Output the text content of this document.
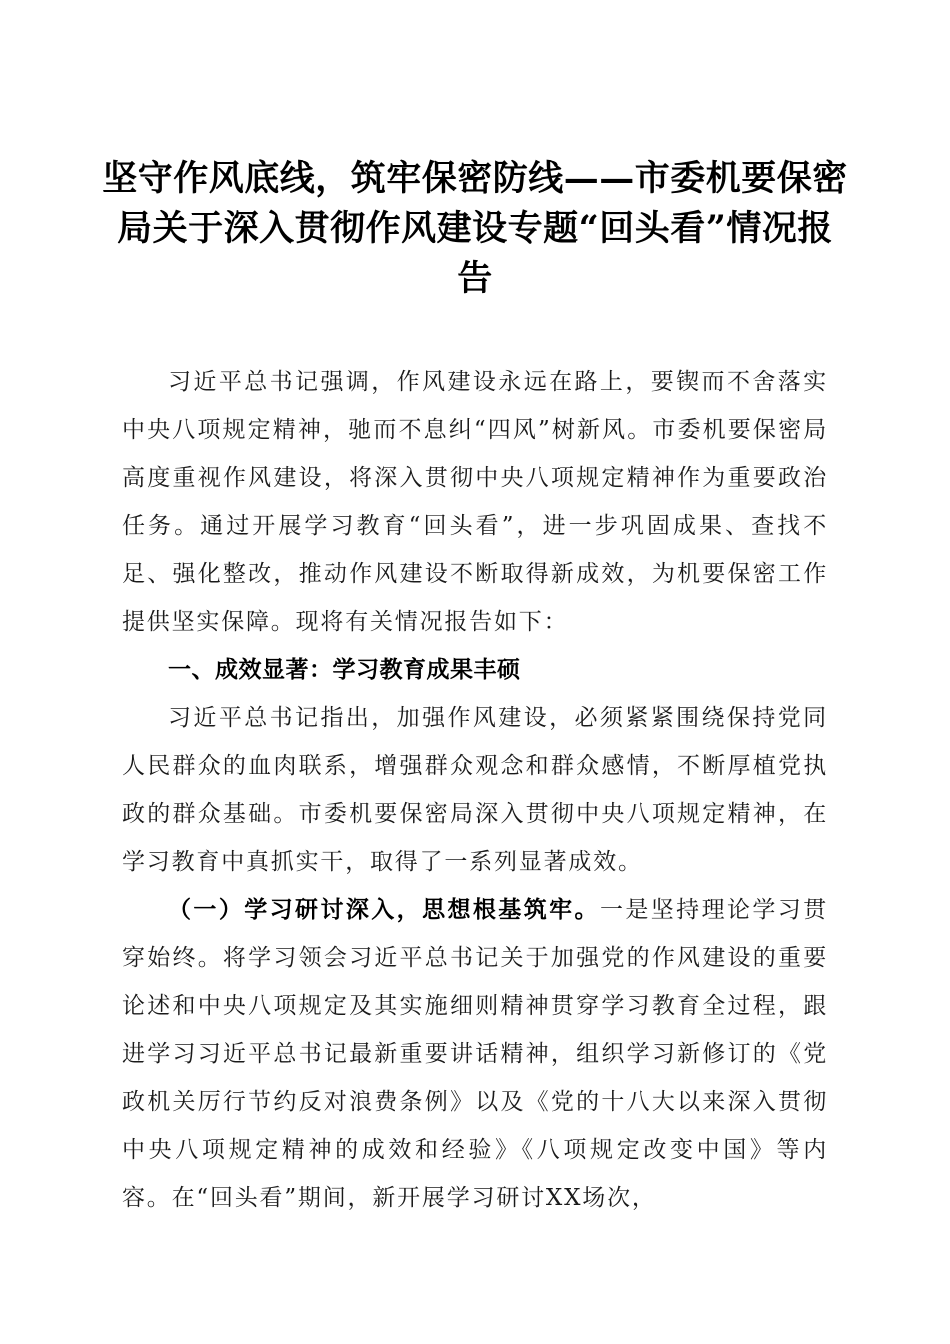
坚守作风底线，筑牢保密防线——市委机要保密局关于深入贯彻作风建设专题“回头看”情况报告

习近平总书记强调，作风建设永远在路上，要锲而不舍落实中央八项规定精神，驰而不息纠“四风”树新风。市委机要保密局高度重视作风建设，将深入贯彻中央八项规定精神作为重要政治任务。通过开展学习教育“回头看”，进一步巩固成果、查找不足、强化整改，推动作风建设不断取得新成效，为机要保密工作提供坚实保障。现将有关情况报告如下：

一、成效显著：学习教育成果丰硕

习近平总书记指出，加强作风建设，必须紧紧围绕保持党同人民群众的血肉联系，增强群众观念和群众感情，不断厚植党执政的群众基础。市委机要保密局深入贯彻中央八项规定精神，在学习教育中真抓实干，取得了一系列显著成效。

（一）学习研讨深入，思想根基筑牢。一是坚持理论学习贯穿始终。将学习领会习近平总书记关于加强党的作风建设的重要论述和中央八项规定及其实施细则精神贯穿学习教育全过程，跟进学习习近平总书记最新重要讲话精神，组织学习新修订的《党政机关厉行节约反对浪费条例》以及《党的十八大以来深入贯彻中央八项规定精神的成效和经验》《八项规定改变中国》等内容。在“回头看”期间，新开展学习研讨XX场次，
